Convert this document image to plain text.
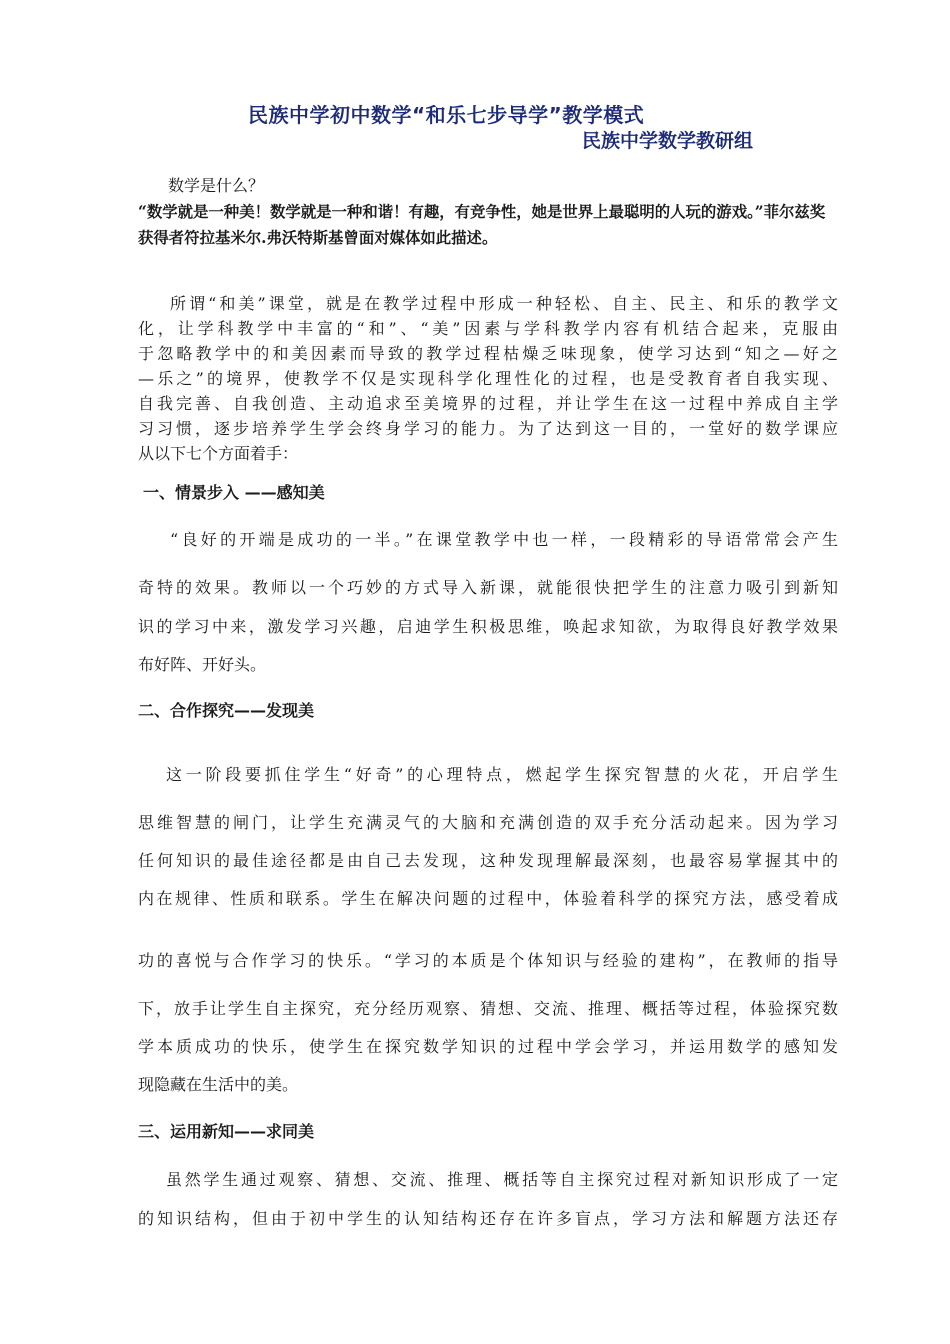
民族中学初中数学“和乐七步导学”教学模式
民族中学数学教研组
数学是什么？
“数学就是一种美！数学就是一种和谐！有趣，有竞争性，她是世界上最聪明的人玩的游戏。”菲尔兹奖获得者符拉基米尔.弗沃特斯基曾面对媒体如此描述。
所谓“和美”课堂，就是在教学过程中形成一种轻松、自主、民主、和乐的教学文
化，让学科教学中丰富的“和”、“美”因素与学科教学内容有机结合起来，克服由
于忽略教学中的和美因素而导致的教学过程枯燥乏味现象，使学习达到“知之—好之
—乐之”的境界，使教学不仅是实现科学化理性化的过程，也是受教育者自我实现、
自我完善、自我创造、主动追求至美境界的过程，并让学生在这一过程中养成自主学
习习惯，逐步培养学生学会终身学习的能力。为了达到这一目的，一堂好的数学课应
从以下七个方面着手：
一、情景步入 ——感知美
“良好的开端是成功的一半。”在课堂教学中也一样，一段精彩的导语常常会产生
奇特的效果。教师以一个巧妙的方式导入新课，就能很快把学生的注意力吸引到新知
识的学习中来，激发学习兴趣，启迪学生积极思维，唤起求知欲，为取得良好教学效果
布好阵、开好头。
二、合作探究——发现美
这一阶段要抓住学生“好奇”的心理特点，燃起学生探究智慧的火花，开启学生
思维智慧的闸门，让学生充满灵气的大脑和充满创造的双手充分活动起来。因为学习
任何知识的最佳途径都是由自己去发现，这种发现理解最深刻，也最容易掌握其中的
内在规律、性质和联系。学生在解决问题的过程中，体验着科学的探究方法，感受着成
功的喜悦与合作学习的快乐。“学习的本质是个体知识与经验的建构”，在教师的指导
下，放手让学生自主探究，充分经历观察、猜想、交流、推理、概括等过程，体验探究数
学本质成功的快乐，使学生在探究数学知识的过程中学会学习，并运用数学的感知发
现隐藏在生活中的美。
三、运用新知——求同美
虽然学生通过观察、猜想、交流、推理、概括等自主探究过程对新知识形成了一定
的知识结构，但由于初中学生的认知结构还存在许多盲点，学习方法和解题方法还存
